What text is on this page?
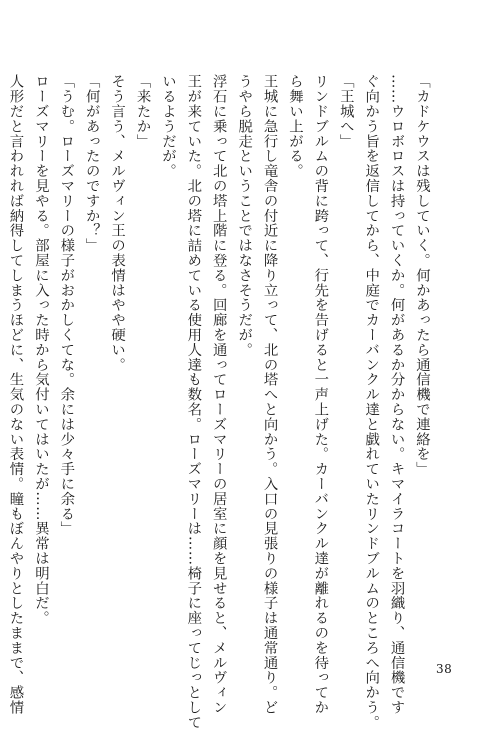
「カドケウスは残していく。何かあったら通信機で連絡を」
……ウロボロスは持っていくか。何があるか分からない。キマイラコートを羽織り、通信機です
ぐ向かう旨を返信してから、中庭でカーバンクル達と戯れていたリンドブルムのところへ向かう。
「王城へ」
リンドブルムの背に跨って、行先を告げると一声上げた。カーバンクル達が離れるのを待ってか
ら舞い上がる。
王城に急行し竜舎の付近に降り立って、北の塔へと向かう。入口の見張りの様子は通常通り。ど
うやら脱走ということではなさそうだが。
浮石に乗って北の塔上階に登る。回廊を通ってローズマリーの居室に顔を見せると、メルヴィン
王が来ていた。北の塔に詰めている使用人達も数名。ローズマリーは……椅子に座ってじっとして
いるようだが。
「来たか」
そう言う、メルヴィン王の表情はやや硬い。
「何があったのですか？」
「うむ。ローズマリーの様子がおかしくてな。余には少々手に余る」
ローズマリーを見やる。部屋に入った時から気付いてはいたが……異常は明白だ。
人形だと言われれば納得してしまうほどに、生気のない表情。瞳もぼんやりとしたままで、感情	38
